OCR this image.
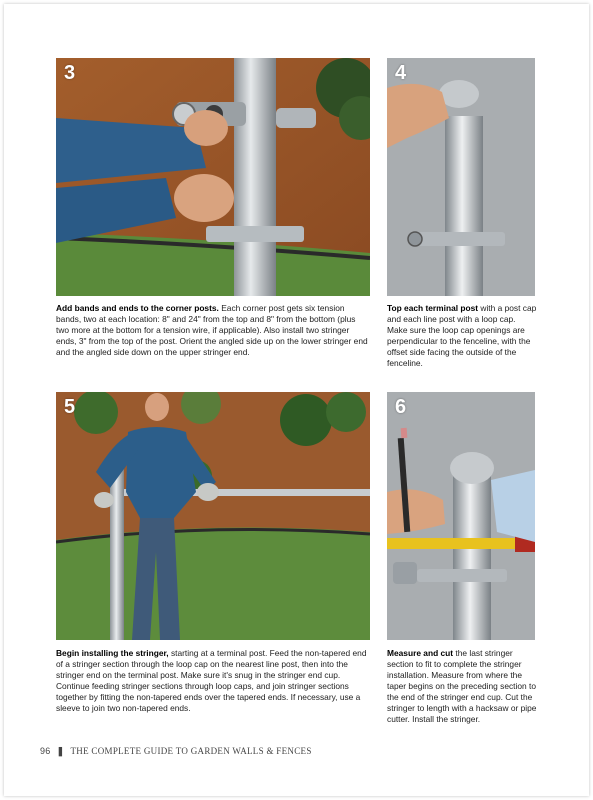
3	4

Add bands and ends to the corner posts. Each corner post gets six tension bands, two at each location: 8" and 24" from the top and 8" from the bottom (plus two more at the bottom for a tension wire, if applicable). Also install two stringer ends, 3" from the top of the post. Orient the angled side up on the lower stringer end and the angled side down on the upper stringer end.

Top each terminal post with a post cap and each line post with a loop cap. Make sure the loop cap openings are perpendicular to the fenceline, with the offset side facing the outside of the fenceline.

5	6

Begin installing the stringer, starting at a terminal post. Feed the non-tapered end of a stringer section through the loop cap on the nearest line post, then into the stringer end on the terminal post. Make sure it's snug in the stringer end cup. Continue feeding stringer sections through loop caps, and join stringer sections together by fitting the non-tapered ends over the tapered ends. If necessary, use a sleeve to join two non-tapered ends.

Measure and cut the last stringer section to fit to complete the stringer installation. Measure from where the taper begins on the preceding section to the end of the stringer end cup. Cut the stringer to length with a hacksaw or pipe cutter. Install the stringer.

96 ❚ THE COMPLETE GUIDE TO GARDEN WALLS & FENCES
